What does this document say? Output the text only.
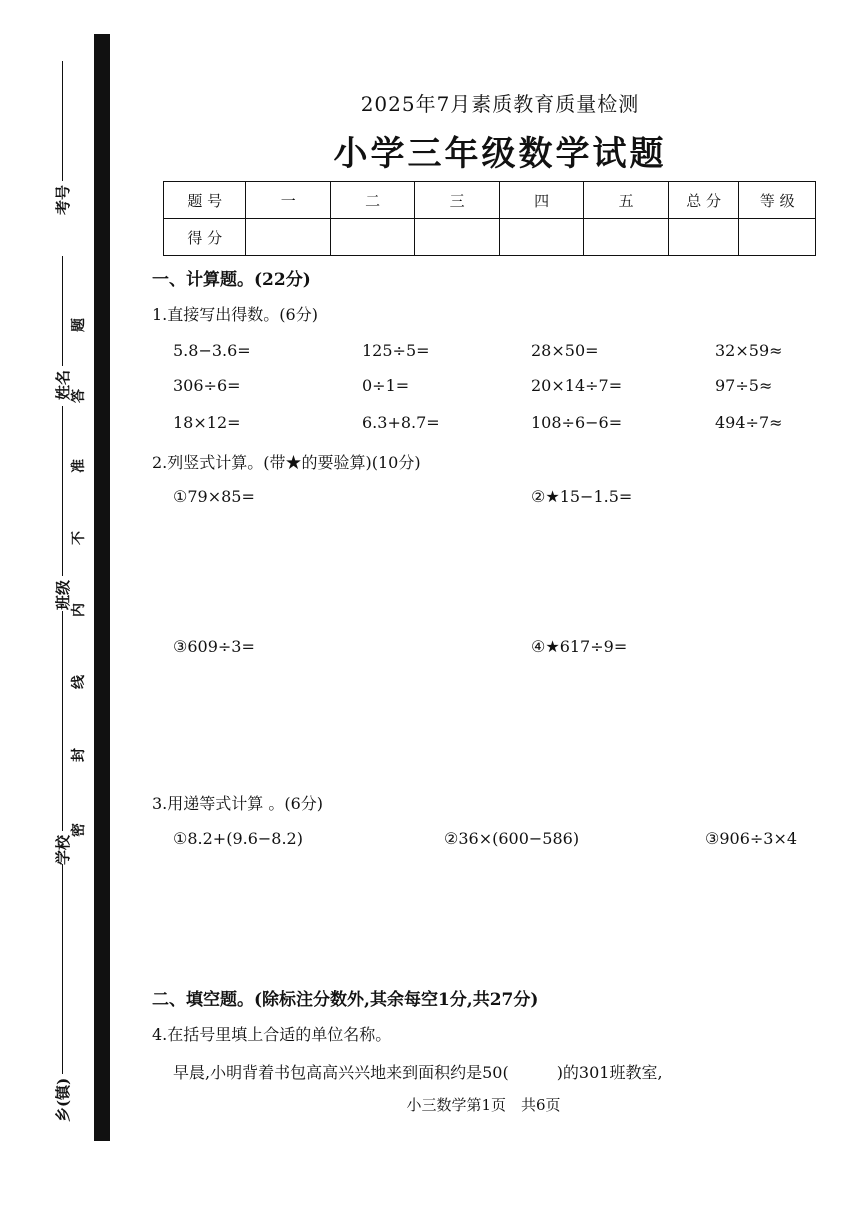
考号
姓名
班级
学校
乡(镇)
题
答
准
不
内
线
封
密
2025年7月素质教育质量检测
小学三年级数学试题
题 号	一	二	三	四	五	总 分	等 级
得 分							
一、计算题。(22分)
1.直接写出得数。(6分)
5.8−3.6=	125÷5=	28×50=	32×59≈
306÷6=	0÷1=	20×14÷7=	97÷5≈
18×12=	6.3+8.7=	108÷6−6=	494÷7≈
2.列竖式计算。(带★的要验算)(10分)
①79×85=	②★15−1.5=
③609÷3=	④★617÷9=
3.用递等式计算 。(6分)
①8.2+(9.6−8.2)	②36×(600−586)	③906÷3×4
二、填空题。(除标注分数外,其余每空1分,共27分)
4.在括号里填上合适的单位名称。
早晨,小明背着书包高高兴兴地来到面积约是50(　　　)的301班教室,
小三数学第1页　共6页
